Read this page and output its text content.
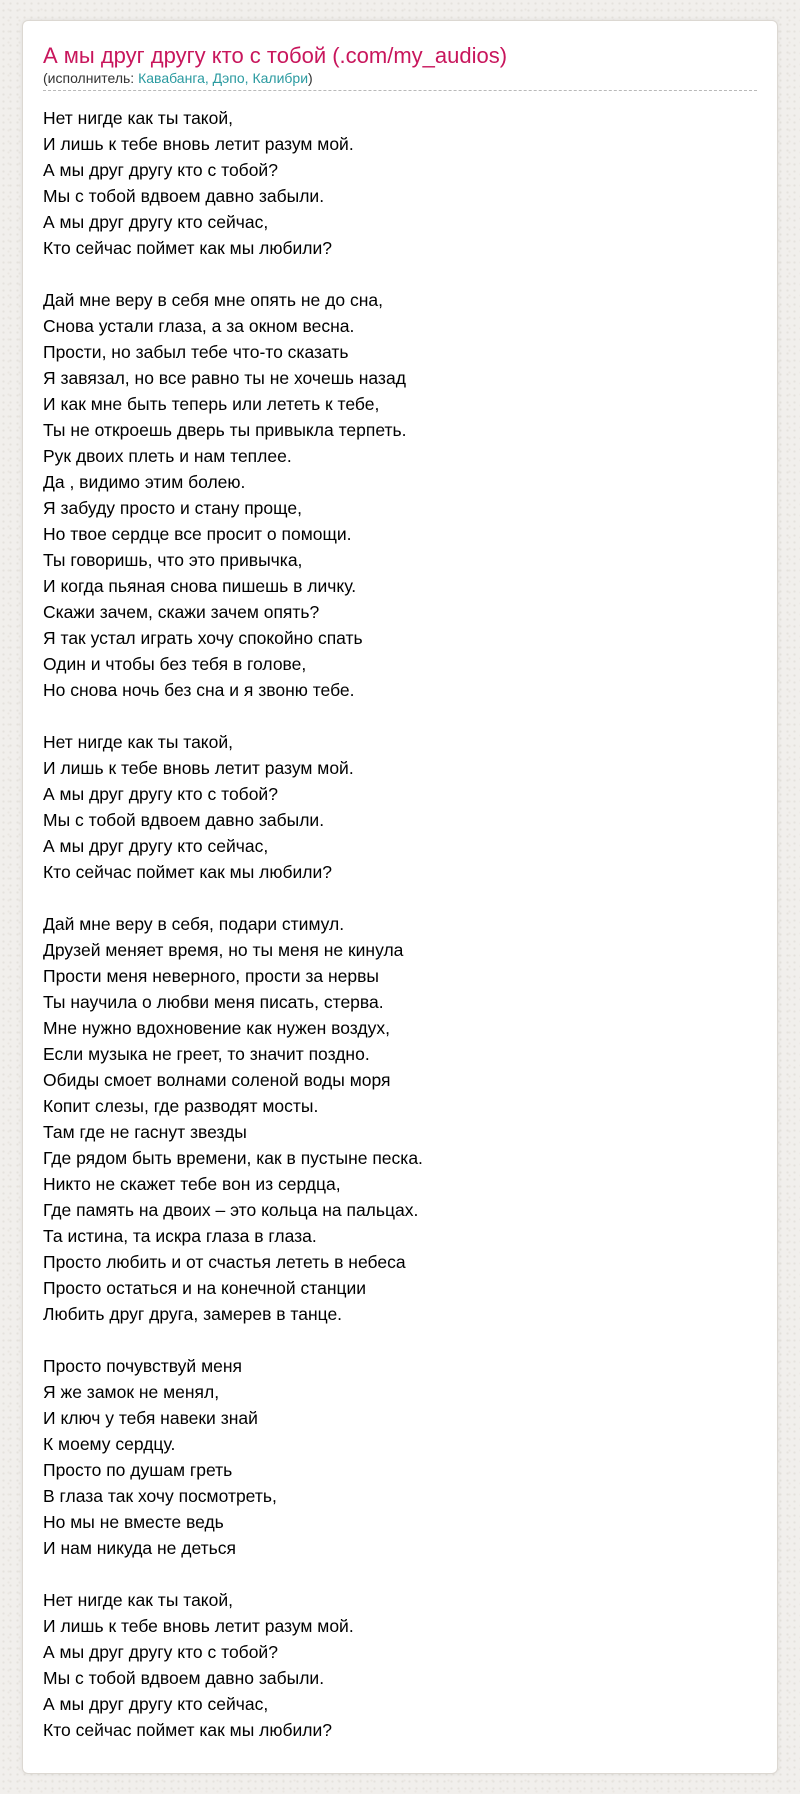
А мы друг другу кто с тобой (.com/my_audios)
(исполнитель: Кавабанга, Дэпо, Калибри)

Нет нигде как ты такой,
И лишь к тебе вновь летит разум мой.
А мы друг другу кто с тобой?
Мы с тобой вдвоем давно забыли.
А мы друг другу кто сейчас,
Кто сейчас поймет как мы любили?

Дай мне веру в себя мне опять не до сна,
Снова устали глаза, а за окном весна.
Прости, но забыл тебе что-то сказать
Я завязал, но все равно ты не хочешь назад
И как мне быть теперь или лететь к тебе,
Ты не откроешь дверь ты привыкла терпеть.
Рук двоих плеть и нам теплее.
Да , видимо этим болею.
Я забуду просто и стану проще,
Но твое сердце все просит о помощи.
Ты говоришь, что это привычка,
И когда пьяная снова пишешь в личку.
Скажи зачем, скажи зачем опять?
Я так устал играть хочу спокойно спать
Один и чтобы без тебя в голове,
Но снова ночь без сна и я звоню тебе.

Нет нигде как ты такой,
И лишь к тебе вновь летит разум мой.
А мы друг другу кто с тобой?
Мы с тобой вдвоем давно забыли.
А мы друг другу кто сейчас,
Кто сейчас поймет как мы любили?

Дай мне веру в себя, подари стимул.
Друзей меняет время, но ты меня не кинула
Прости меня неверного, прости за нервы
Ты научила о любви меня писать, стерва.
Мне нужно вдохновение как нужен воздух,
Если музыка не греет, то значит поздно.
Обиды смоет волнами соленой воды моря
Копит слезы, где разводят мосты.
Там где не гаснут звезды
Где рядом быть времени, как в пустыне песка.
Никто не скажет тебе вон из сердца,
Где память на двоих – это кольца на пальцах.
Та истина, та искра глаза в глаза.
Просто любить и от счастья лететь в небеса
Просто остаться и на конечной станции
Любить друг друга, замерев в танце.

Просто почувствуй меня
Я же замок не менял,
И ключ у тебя навеки знай
К моему сердцу.
Просто по душам греть
В глаза так хочу посмотреть,
Но мы не вместе ведь
И нам никуда не деться

Нет нигде как ты такой,
И лишь к тебе вновь летит разум мой.
А мы друг другу кто с тобой?
Мы с тобой вдвоем давно забыли.
А мы друг другу кто сейчас,
Кто сейчас поймет как мы любили?
